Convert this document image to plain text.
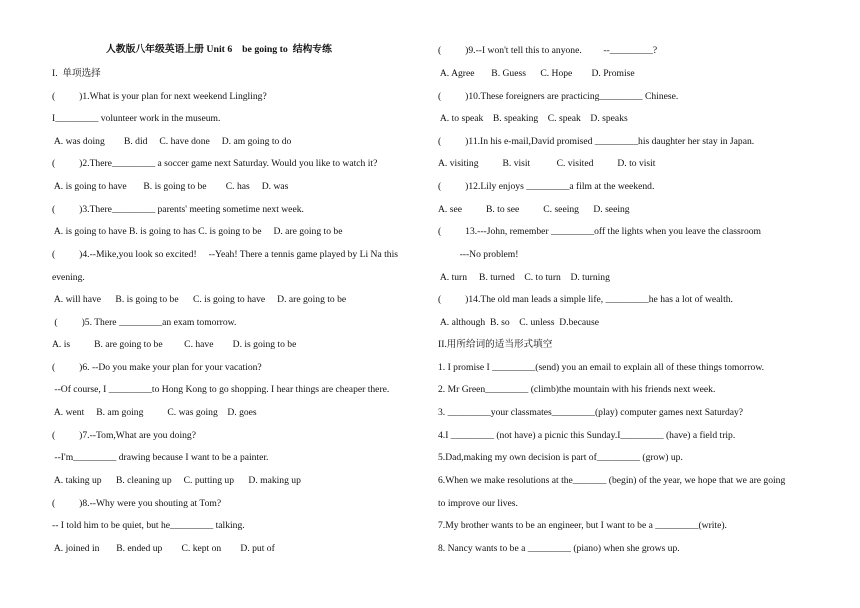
人教版八年级英语上册 Unit 6    be going to  结构专练
I.  单项选择
(          )1.What is your plan for next weekend Lingling?
I_________ volunteer work in the museum.
A. was doing        B. did     C. have done     D. am going to do
(          )2.There_________ a soccer game next Saturday. Would you like to watch it?
A. is going to have       B. is going to be        C. has     D. was
(          )3.There_________ parents' meeting sometime next week.
A. is going to have B. is going to has C. is going to be     D. are going to be
(          )4.--Mike,you look so excited!     --Yeah! There a tennis game played by Li Na this
evening.
A. will have      B. is going to be      C. is going to have     D. are going to be
(          )5. There _________an exam tomorrow.
A. is          B. are going to be         C. have        D. is going to be
(          )6. --Do you make your plan for your vacation?
--Of course, I _________to Hong Kong to go shopping. I hear things are cheaper there.
A. went     B. am going          C. was going    D. goes
(          )7.--Tom,What are you doing?
--I'm_________ drawing because I want to be a painter.
A. taking up      B. cleaning up     C. putting up      D. making up
(          )8.--Why were you shouting at Tom?
-- I told him to be quiet, but he_________ talking.
A. joined in       B. ended up        C. kept on        D. put of
(          )9.--I won't tell this to anyone.         --_________?
A. Agree       B. Guess      C. Hope        D. Promise
(          )10.These foreigners are practicing_________ Chinese.
A. to speak    B. speaking    C. speak    D. speaks
(          )11.In his e-mail,David promised _________his daughter her stay in Japan.
A. visiting          B. visit           C. visited          D. to visit
(          )12.Lily enjoys _________a film at the weekend.
A. see          B. to see          C. seeing      D. seeing
(          13.---John, remember _________off the lights when you leave the classroom
---No problem!
A. turn     B. turned    C. to turn    D. turning
(          )14.The old man leads a simple life, _________he has a lot of wealth.
A. although  B. so    C. unless  D.because
II.用所给词的适当形式填空
1. I promise I _________(send) you an email to explain all of these things tomorrow.
2. Mr Green_________ (climb)the mountain with his friends next week.
3. _________your classmates_________(play) computer games next Saturday?
4.I _________ (not have) a picnic this Sunday.I_________ (have) a field trip.
5.Dad,making my own decision is part of_________ (grow) up.
6.When we make resolutions at the_______ (begin) of the year, we hope that we are going
to improve our lives.
7.My brother wants to be an engineer, but I want to be a _________(write).
8. Nancy wants to be a _________ (piano) when she grows up.
